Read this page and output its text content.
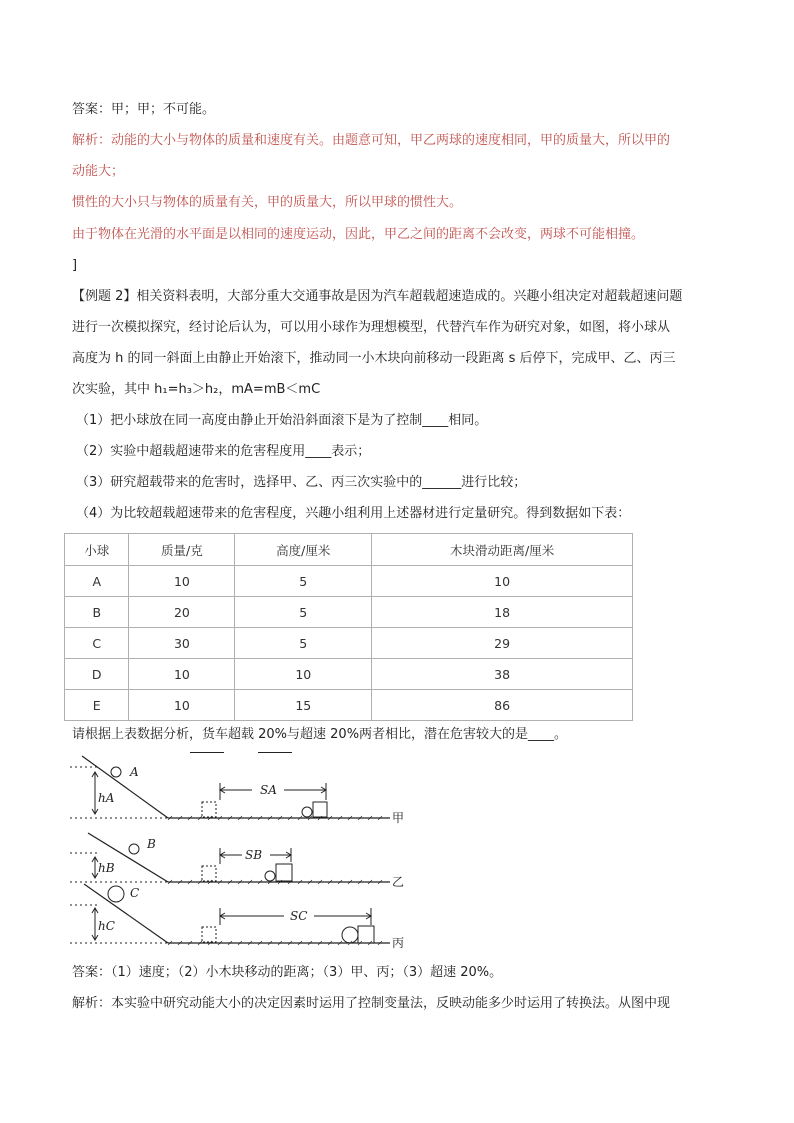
答案：甲；甲；不可能。
解析：动能的大小与物体的质量和速度有关。由题意可知，甲乙两球的速度相同，甲的质量大，所以甲的
动能大；
惯性的大小只与物体的质量有关，甲的质量大，所以甲球的惯性大。
由于物体在光滑的水平面是以相同的速度运动，因此，甲乙之间的距离不会改变，两球不可能相撞。
]
【例题 2】相关资料表明，大部分重大交通事故是因为汽车超载超速造成的。兴趣小组决定对超载超速问题
进行一次模拟探究，经讨论后认为，可以用小球作为理想模型，代替汽车作为研究对象，如图，将小球从
高度为 h 的同一斜面上由静止开始滚下，推动同一小木块向前移动一段距离 s 后停下，完成甲、乙、丙三
次实验，其中 h₁=h₃＞h₂，mA=mB＜mC
（1）把小球放在同一高度由静止开始沿斜面滚下是为了控制____相同。
（2）实验中超载超速带来的危害程度用____表示；
（3）研究超载带来的危害时，选择甲、乙、丙三次实验中的______进行比较；
（4）为比较超载超速带来的危害程度，兴趣小组利用上述器材进行定量研究。得到数据如下表：
小球	质量/克	高度/厘米	木块滑动距离/厘米
A	10	5	10
B	20	5	18
C	30	5	29
D	10	10	38
E	10	15	86
请根据上表数据分析，货车超载 20%与超速 20%两者相比，潜在危害较大的是____。
A
hA
SA
甲
B
hB
SB
乙
C
hC
SC
丙
答案：（1）速度；（2）小木块移动的距离；（3）甲、丙；（3）超速 20%。
解析：本实验中研究动能大小的决定因素时运用了控制变量法，反映动能多少时运用了转换法。从图中现
